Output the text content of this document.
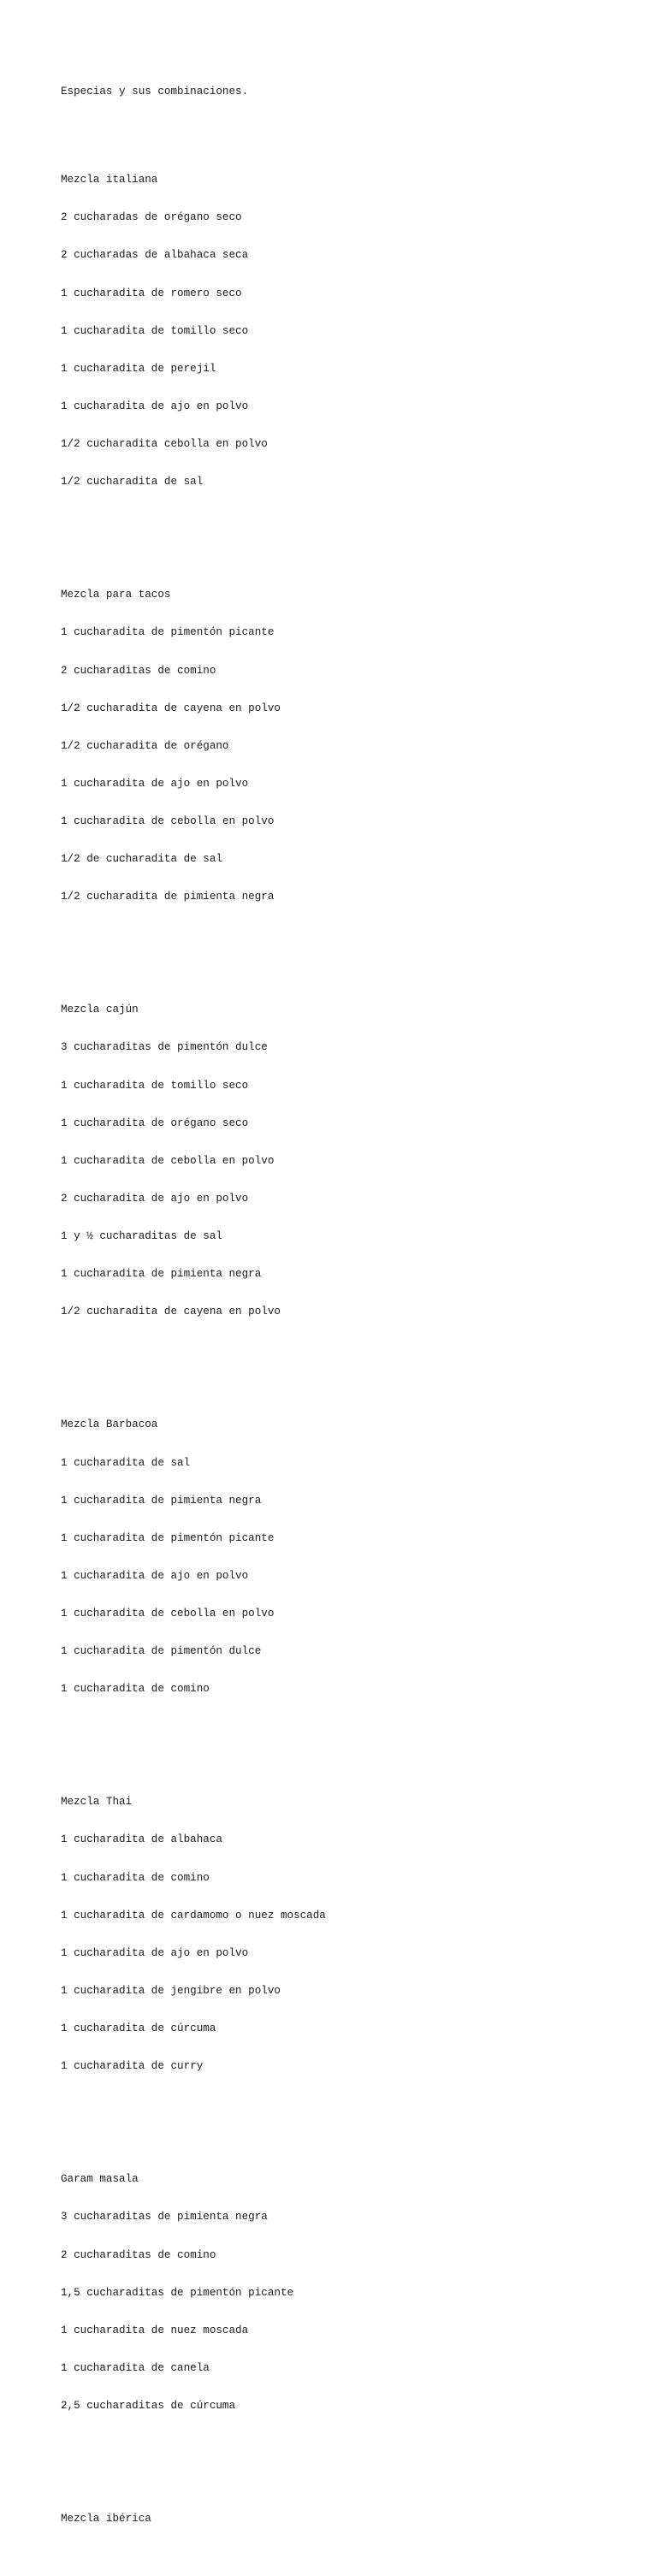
Especias y sus combinaciones.

Mezcla italiana

2 cucharadas de orégano seco

2 cucharadas de albahaca seca

1 cucharadita de romero seco

1 cucharadita de tomillo seco

1 cucharadita de perejil

1 cucharadita de ajo en polvo

1/2 cucharadita cebolla en polvo

1/2 cucharadita de sal

Mezcla para tacos

1 cucharadita de pimentón picante

2 cucharaditas de comino

1/2 cucharadita de cayena en polvo

1/2 cucharadita de orégano

1 cucharadita de ajo en polvo

1 cucharadita de cebolla en polvo

1/2 de cucharadita de sal

1/2 cucharadita de pimienta negra

Mezcla cajún

3 cucharaditas de pimentón dulce

1 cucharadita de tomillo seco

1 cucharadita de orégano seco

1 cucharadita de cebolla en polvo

2 cucharadita de ajo en polvo

1 y ½ cucharaditas de sal

1 cucharadita de pimienta negra

1/2 cucharadita de cayena en polvo

Mezcla Barbacoa

1 cucharadita de sal

1 cucharadita de pimienta negra

1 cucharadita de pimentón picante

1 cucharadita de ajo en polvo

1 cucharadita de cebolla en polvo

1 cucharadita de pimentón dulce

1 cucharadita de comino

Mezcla Thai

1 cucharadita de albahaca

1 cucharadita de comino

1 cucharadita de cardamomo o nuez moscada

1 cucharadita de ajo en polvo

1 cucharadita de jengibre en polvo

1 cucharadita de cúrcuma

1 cucharadita de curry

Garam masala

3 cucharaditas de pimienta negra

2 cucharaditas de comino

1,5 cucharaditas de pimentón picante

1 cucharadita de nuez moscada

1 cucharadita de canela

2,5 cucharaditas de cúrcuma

Mezcla ibérica
